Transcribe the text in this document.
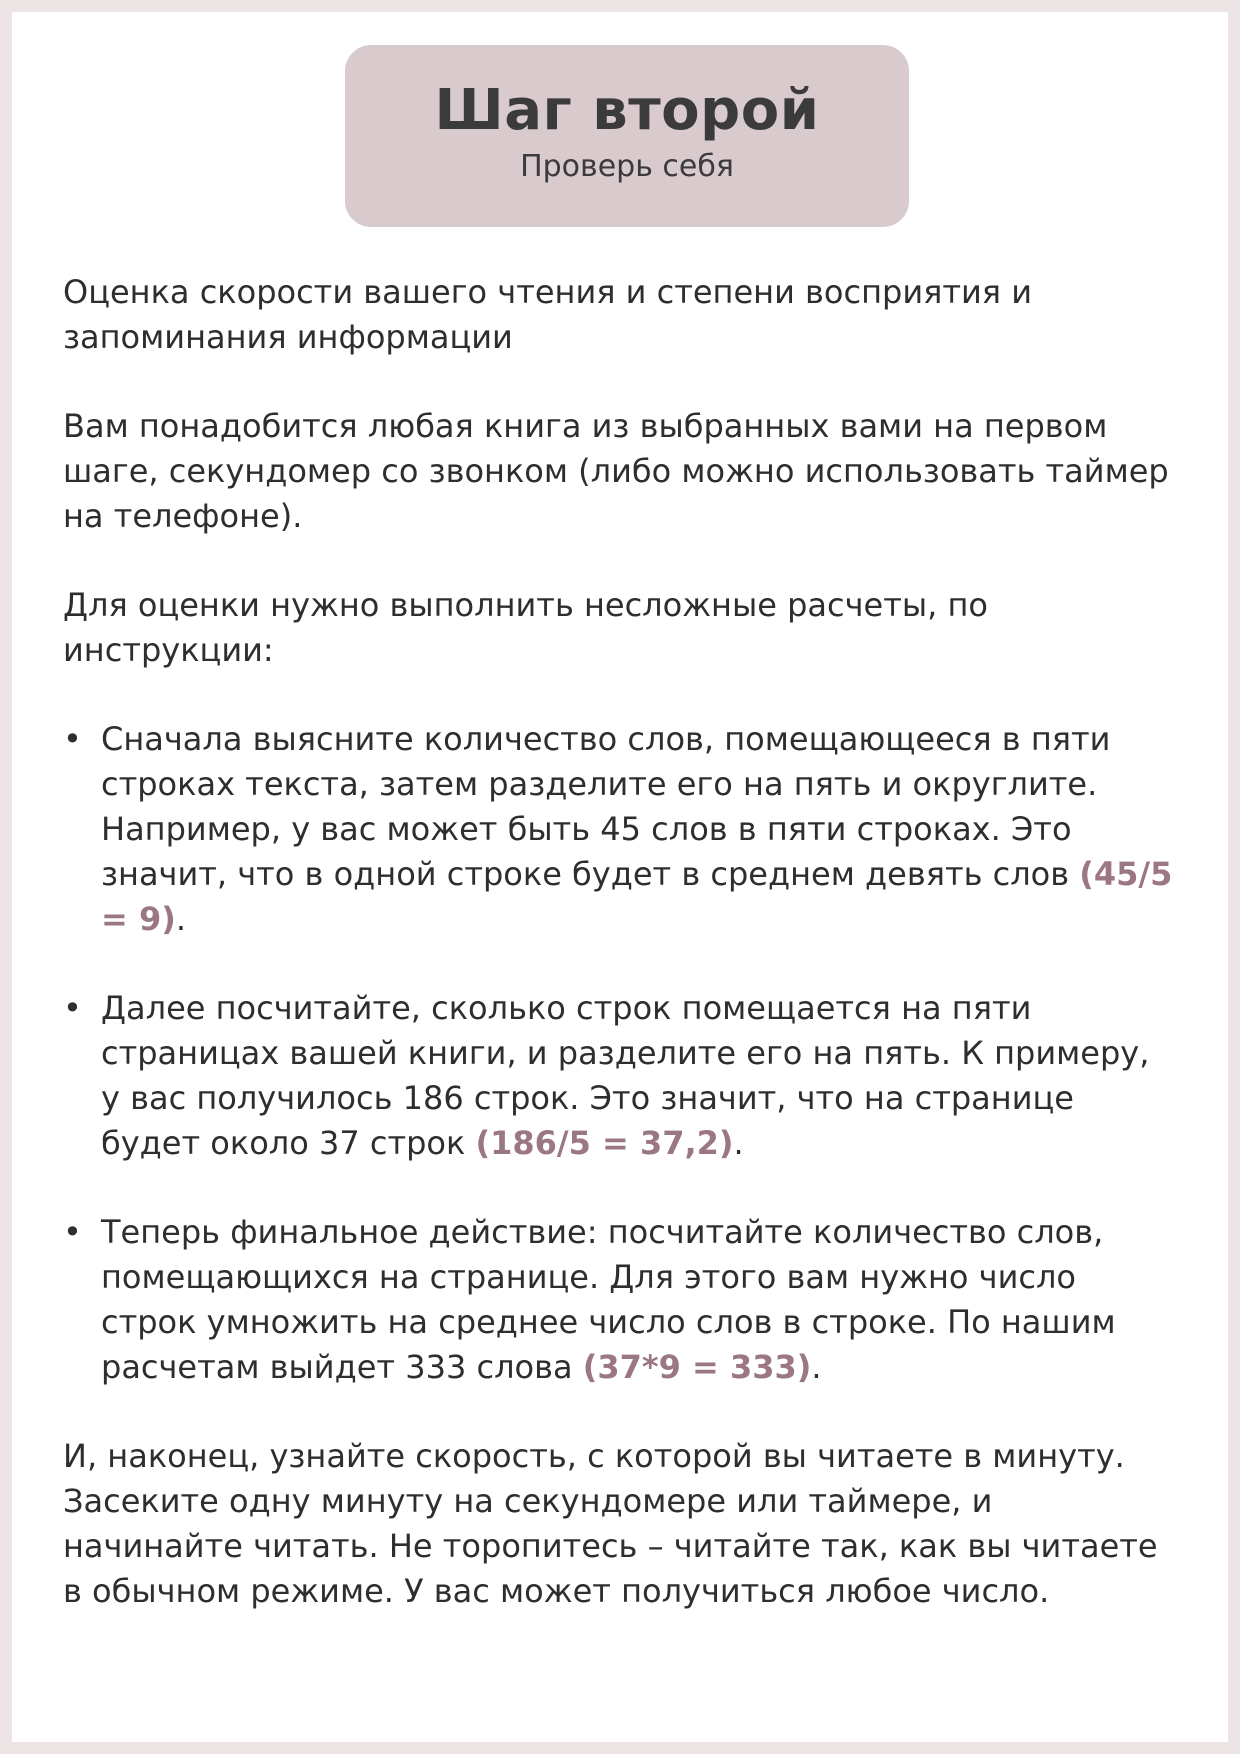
Шаг второй
Проверь себя

Оценка скорости вашего чтения и степени восприятия и запоминания информации

Вам понадобится любая книга из выбранных вами на первом шаге, секундомер со звонком (либо можно использовать таймер на телефоне).

Для оценки нужно выполнить несложные расчеты, по инструкции:

• Сначала выясните количество слов, помещающееся в пяти строках текста, затем разделите его на пять и округлите. Например, у вас может быть 45 слов в пяти строках. Это значит, что в одной строке будет в среднем девять слов (45/5 = 9).
• Далее посчитайте, сколько строк помещается на пяти страницах вашей книги, и разделите его на пять. К примеру, у вас получилось 186 строк. Это значит, что на странице будет около 37 строк (186/5 = 37,2).
• Теперь финальное действие: посчитайте количество слов, помещающихся на странице. Для этого вам нужно число строк умножить на среднее число слов в строке. По нашим расчетам выйдет 333 слова (37*9 = 333).

И, наконец, узнайте скорость, с которой вы читаете в минуту. Засеките одну минуту на секундомере или таймере, и начинайте читать. Не торопитесь – читайте так, как вы читаете в обычном режиме. У вас может получиться любое число.
